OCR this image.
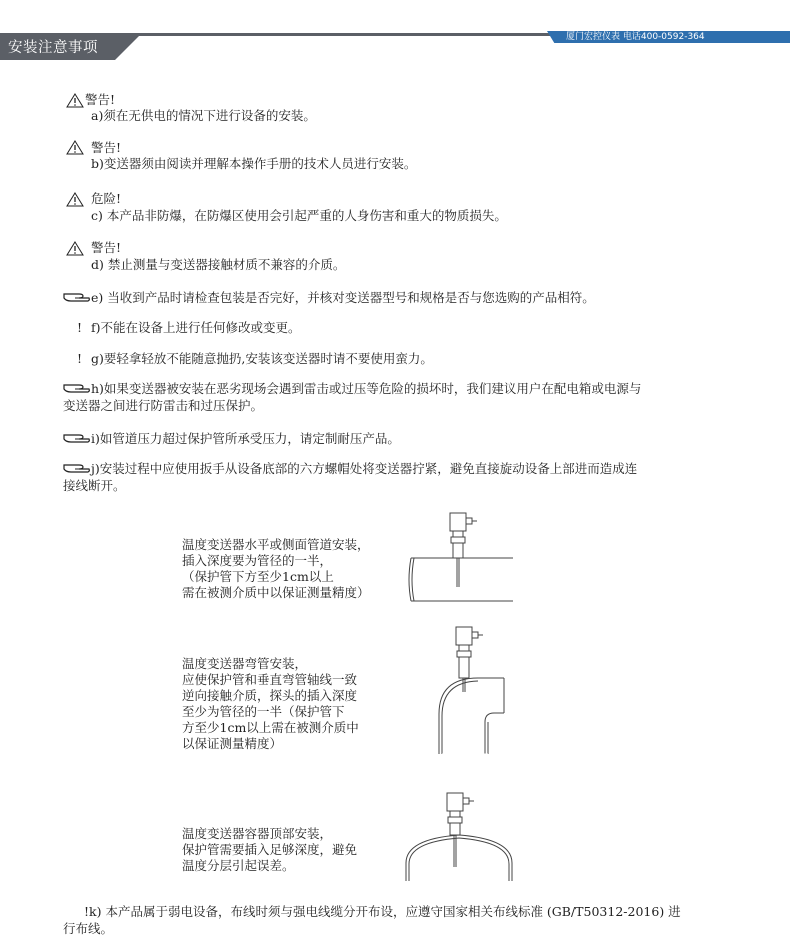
安装注意事项
厦门宏控仪表 电话400-0592-364
警告!
a)须在无供电的情况下进行设备的安装。
警告!
b)变送器须由阅读并理解本操作手册的技术人员进行安装。
危险!
c) 本产品非防爆，在防爆区使用会引起严重的人身伤害和重大的物质损失。
警告!
d) 禁止测量与变送器接触材质不兼容的介质。
e) 当收到产品时请检查包装是否完好，并核对变送器型号和规格是否与您选购的产品相符。
! f)不能在设备上进行任何修改或变更。
! g)要轻拿轻放不能随意抛扔,安装该变送器时请不要使用蛮力。
h)如果变送器被安装在恶劣现场会遇到雷击或过压等危险的损坏时，我们建议用户在配电箱或电源与
变送器之间进行防雷击和过压保护。
i)如管道压力超过保护管所承受压力，请定制耐压产品。
j)安装过程中应使用扳手从设备底部的六方螺帽处将变送器拧紧，避免直接旋动设备上部进而造成连
接线断开。
温度变送器水平或侧面管道安装，
插入深度要为管径的一半，
（保护管下方至少1cm以上
需在被测介质中以保证测量精度）
温度变送器弯管安装，
应使保护管和垂直弯管轴线一致
逆向接触介质，探头的插入深度
至少为管径的一半（保护管下
方至少1cm以上需在被测介质中
以保证测量精度）
温度变送器容器顶部安装，
保护管需要插入足够深度，避免
温度分层引起误差。
!k) 本产品属于弱电设备，布线时须与强电线缆分开布设，应遵守国家相关布线标准 (GB/T50312-2016) 进
行布线。
